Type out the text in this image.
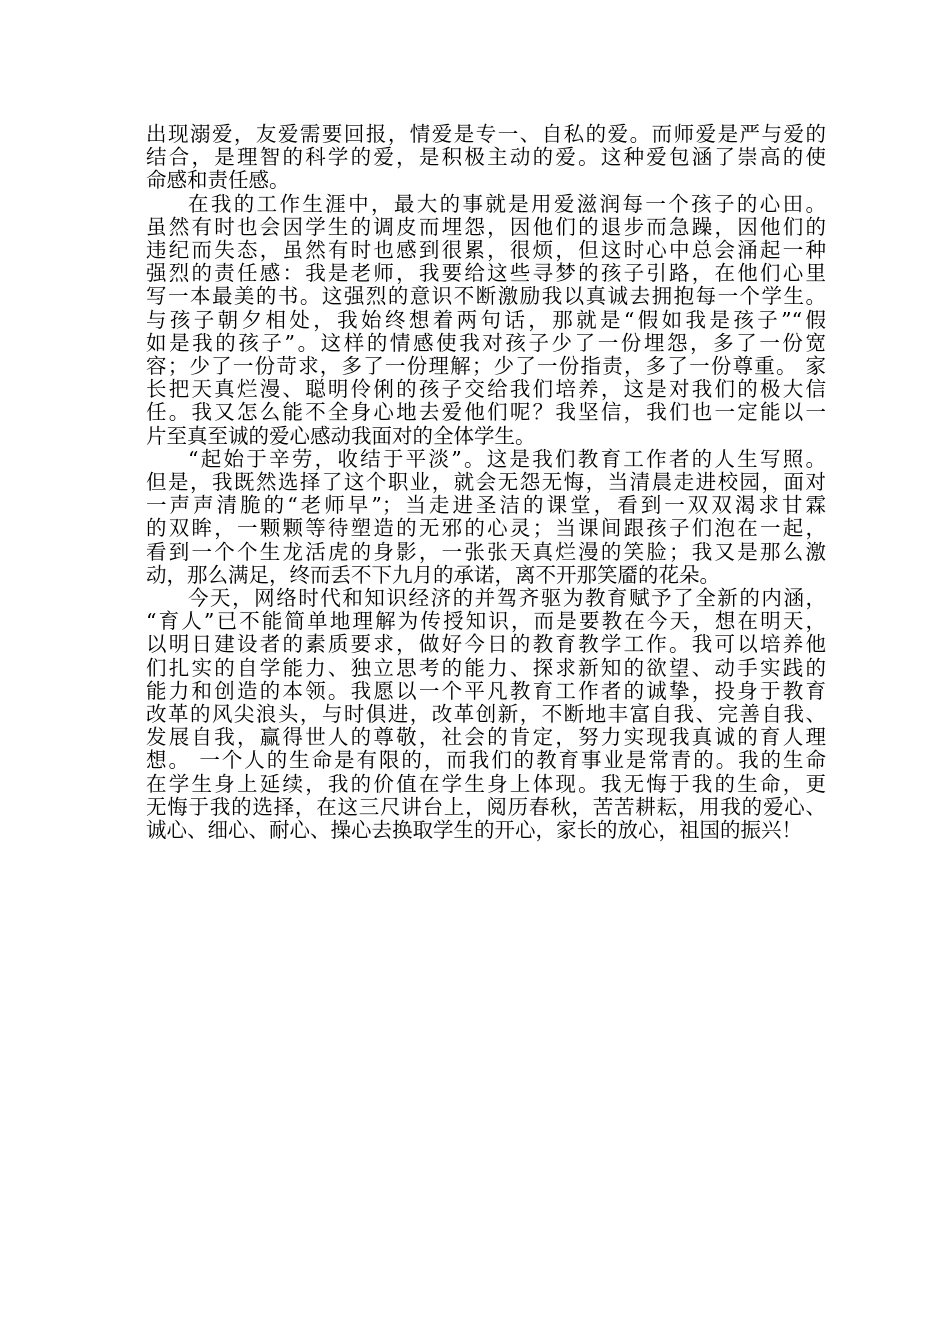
出现溺爱，友爱需要回报，情爱是专一、自私的爱。而师爱是严与爱的
结合，是理智的科学的爱，是积极主动的爱。这种爱包涵了崇高的使
命感和责任感。
在我的工作生涯中，最大的事就是用爱滋润每一个孩子的心田。
虽然有时也会因学生的调皮而埋怨，因他们的退步而急躁，因他们的
违纪而失态，虽然有时也感到很累，很烦，但这时心中总会涌起一种
强烈的责任感：我是老师，我要给这些寻梦的孩子引路，在他们心里
写一本最美的书。这强烈的意识不断激励我以真诚去拥抱每一个学生。
与孩子朝夕相处，我始终想着两句话，那就是“假如我是孩子”“假
如是我的孩子”。这样的情感使我对孩子少了一份埋怨，多了一份宽
容；少了一份苛求，多了一份理解；少了一份指责，多了一份尊重。 家
长把天真烂漫、聪明伶俐的孩子交给我们培养，这是对我们的极大信
任。我又怎么能不全身心地去爱他们呢？我坚信，我们也一定能以一
片至真至诚的爱心感动我面对的全体学生。
“起始于辛劳，收结于平淡”。这是我们教育工作者的人生写照。
但是，我既然选择了这个职业，就会无怨无悔，当清晨走进校园，面对
一声声清脆的“老师早”；当走进圣洁的课堂，看到一双双渴求甘霖
的双眸，一颗颗等待塑造的无邪的心灵；当课间跟孩子们泡在一起，
看到一个个生龙活虎的身影，一张张天真烂漫的笑脸；我又是那么激
动，那么满足，终而丢不下九月的承诺，离不开那笑靥的花朵。
今天，网络时代和知识经济的并驾齐驱为教育赋予了全新的内涵，
“育人”已不能简单地理解为传授知识，而是要教在今天，想在明天，
以明日建设者的素质要求，做好今日的教育教学工作。我可以培养他
们扎实的自学能力、独立思考的能力、探求新知的欲望、动手实践的
能力和创造的本领。我愿以一个平凡教育工作者的诚挚，投身于教育
改革的风尖浪头，与时俱进，改革创新，不断地丰富自我、完善自我、
发展自我，赢得世人的尊敬，社会的肯定，努力实现我真诚的育人理
想。 一个人的生命是有限的，而我们的教育事业是常青的。我的生命
在学生身上延续，我的价值在学生身上体现。我无悔于我的生命，更
无悔于我的选择，在这三尺讲台上，阅历春秋，苦苦耕耘，用我的爱心、
诚心、细心、耐心、操心去换取学生的开心，家长的放心，祖国的振兴！
